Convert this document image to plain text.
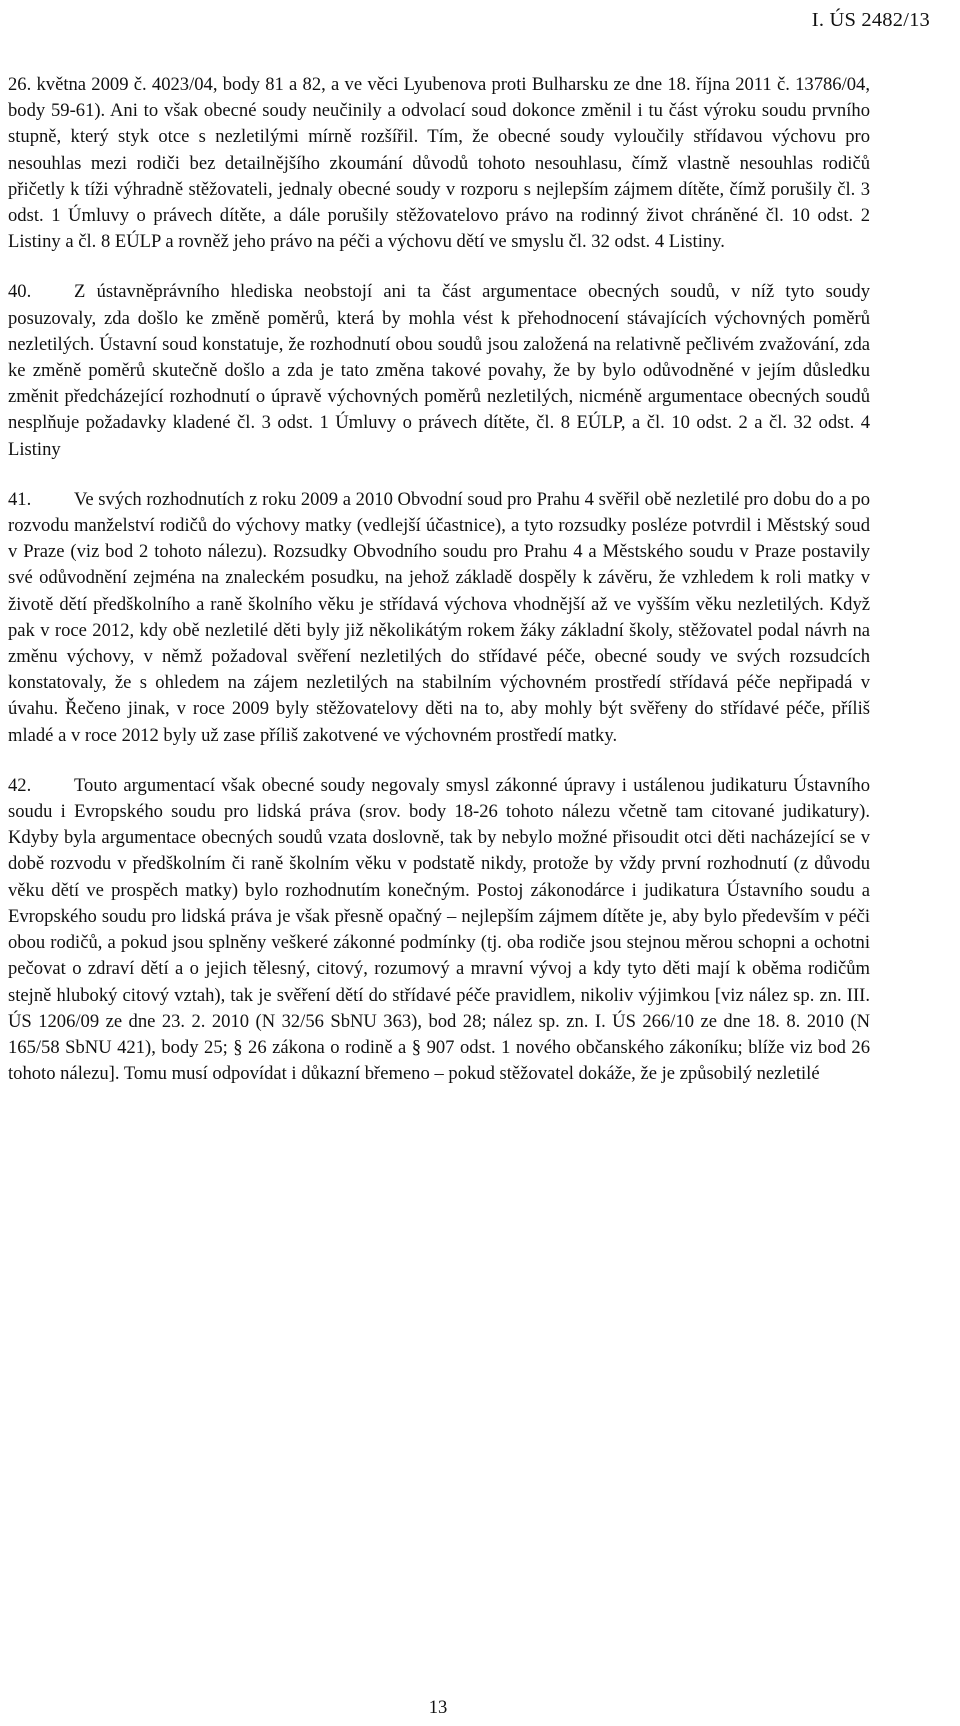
I. ÚS 2482/13

26. května 2009 č. 4023/04, body 81 a 82, a ve věci Lyubenova proti Bulharsku ze dne 18. října 2011 č. 13786/04, body 59-61). Ani to však obecné soudy neučinily a odvolací soud dokonce změnil i tu část výroku soudu prvního stupně, který styk otce s nezletilými mírně rozšířil. Tím, že obecné soudy vyloučily střídavou výchovu pro nesouhlas mezi rodiči bez detailnějšího zkoumání důvodů tohoto nesouhlasu, čímž vlastně nesouhlas rodičů přičetly k tíži výhradně stěžovateli, jednaly obecné soudy v rozporu s nejlepším zájmem dítěte, čímž porušily čl. 3 odst. 1 Úmluvy o právech dítěte, a dále porušily stěžovatelovo právo na rodinný život chráněné čl. 10 odst. 2 Listiny a čl. 8 EÚLP a rovněž jeho právo na péči a výchovu dětí ve smyslu čl. 32 odst. 4 Listiny.

40. Z ústavněprávního hlediska neobstojí ani ta část argumentace obecných soudů, v níž tyto soudy posuzovaly, zda došlo ke změně poměrů, která by mohla vést k přehodnocení stávajících výchovných poměrů nezletilých. Ústavní soud konstatuje, že rozhodnutí obou soudů jsou založená na relativně pečlivém zvažování, zda ke změně poměrů skutečně došlo a zda je tato změna takové povahy, že by bylo odůvodněné v jejím důsledku změnit předcházející rozhodnutí o úpravě výchovných poměrů nezletilých, nicméně argumentace obecných soudů nesplňuje požadavky kladené čl. 3 odst. 1 Úmluvy o právech dítěte, čl. 8 EÚLP, a čl. 10 odst. 2 a čl. 32 odst. 4 Listiny

41. Ve svých rozhodnutích z roku 2009 a 2010 Obvodní soud pro Prahu 4 svěřil obě nezletilé pro dobu do a po rozvodu manželství rodičů do výchovy matky (vedlejší účastnice), a tyto rozsudky posléze potvrdil i Městský soud v Praze (viz bod 2 tohoto nálezu). Rozsudky Obvodního soudu pro Prahu 4 a Městského soudu v Praze postavily své odůvodnění zejména na znaleckém posudku, na jehož základě dospěly k závěru, že vzhledem k roli matky v životě dětí předškolního a raně školního věku je střídavá výchova vhodnější až ve vyšším věku nezletilých. Když pak v roce 2012, kdy obě nezletilé děti byly již několikátým rokem žáky základní školy, stěžovatel podal návrh na změnu výchovy, v němž požadoval svěření nezletilých do střídavé péče, obecné soudy ve svých rozsudcích konstatovaly, že s ohledem na zájem nezletilých na stabilním výchovném prostředí střídavá péče nepřipadá v úvahu. Řečeno jinak, v roce 2009 byly stěžovatelovy děti na to, aby mohly být svěřeny do střídavé péče, příliš mladé a v roce 2012 byly už zase příliš zakotvené ve výchovném prostředí matky.

42. Touto argumentací však obecné soudy negovaly smysl zákonné úpravy i ustálenou judikaturu Ústavního soudu i Evropského soudu pro lidská práva (srov. body 18-26 tohoto nálezu včetně tam citované judikatury). Kdyby byla argumentace obecných soudů vzata doslovně, tak by nebylo možné přisoudit otci děti nacházející se v době rozvodu v předškolním či raně školním věku v podstatě nikdy, protože by vždy první rozhodnutí (z důvodu věku dětí ve prospěch matky) bylo rozhodnutím konečným. Postoj zákonodárce i judikatura Ústavního soudu a Evropského soudu pro lidská práva je však přesně opačný – nejlepším zájmem dítěte je, aby bylo především v péči obou rodičů, a pokud jsou splněny veškeré zákonné podmínky (tj. oba rodiče jsou stejnou měrou schopni a ochotni pečovat o zdraví dětí a o jejich tělesný, citový, rozumový a mravní vývoj a kdy tyto děti mají k oběma rodičům stejně hluboký citový vztah), tak je svěření dětí do střídavé péče pravidlem, nikoliv výjimkou [viz nález sp. zn. III. ÚS 1206/09 ze dne 23. 2. 2010 (N 32/56 SbNU 363), bod 28; nález sp. zn. I. ÚS 266/10 ze dne 18. 8. 2010 (N 165/58 SbNU 421), body 25; § 26 zákona o rodině a § 907 odst. 1 nového občanského zákoníku; blíže viz bod 26 tohoto nálezu]. Tomu musí odpovídat i důkazní břemeno – pokud stěžovatel dokáže, že je způsobilý nezletilé

13
